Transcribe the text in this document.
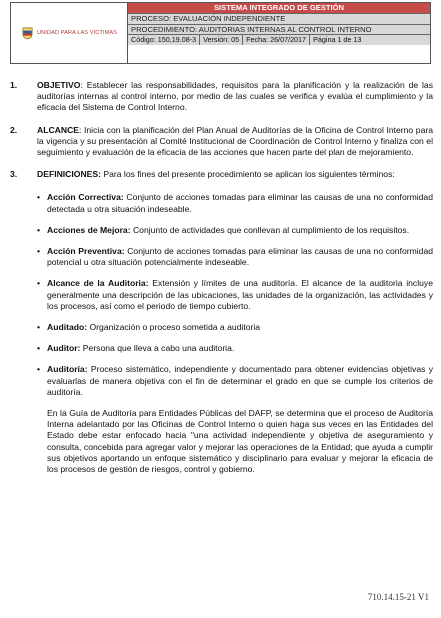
UNIDAD PARA LAS VÍCTIMAS
SISTEMA INTEGRADO DE GESTIÓN
PROCESO: EVALUACIÓN INDEPENDIENTE
PROCEDIMIENTO: AUDITORIAS INTERNAS AL CONTROL INTERNO
Código: 150,19.08-3 Versión: 05 Fecha: 26/07/2017 Página 1 de 13
1.	OBJETIVO: Establecer las responsabilidades, requisitos para la planificación y la realización de las auditorías internas al control interno, por medio de las cuales se verifica y evalúa el cumplimiento y la eficacia del Sistema de Control Interno.
2.	ALCANCE: Inicia con la planificación del Plan Anual de Auditorías de la Oficina de Control Interno para la vigencia y su presentación al Comité Institucional de Coordinación de Control Interno y finaliza con el seguimiento y evaluación de la eficacia de las acciones que hacen parte del plan de mejoramiento.
3.	DEFINICIONES: Para los fines del presente procedimiento se aplican los siguientes términos:
• Acción Correctiva: Conjunto de acciones tomadas para eliminar las causas de una no conformidad detectada u otra situación indeseable.
• Acciones de Mejora: Conjunto de actividades que conllevan al cumplimiento de los requisitos.
• Acción Preventiva: Conjunto de acciones tomadas para eliminar las causas de una no conformidad potencial u otra situación potencialmente indeseable.
• Alcance de la Auditoria: Extensión y límites de una auditoría. El alcance de la auditoria incluye generalmente una descripción de las ubicaciones, las unidades de la organización, las actividades y los procesos, así como el periodo de tiempo cubierto.
• Auditado: Organización o proceso sometida a auditoria
• Auditor: Persona que lleva a cabo una auditoria.
• Auditoría: Proceso sistemático, independiente y documentado para obtener evidencias objetivas y evaluarlas de manera objetiva con el fin de determinar el grado en que se cumple los criterios de auditoría.
En la Guía de Auditoría para Entidades Públicas del DAFP, se determina que el proceso de Auditoría Interna adelantado por las Oficinas de Control Interno o quien haga sus veces en las Entidades del Estado debe estar enfocado hacia "una actividad independiente y objetiva de aseguramiento y consulta, concebida para agregar valor y mejorar las operaciones de la Entidad; que ayuda a cumplir sus objetivos aportando un enfoque sistemático y disciplinario para evaluar y mejorar la eficacia de los procesos de gestión de riesgos, control y gobierno.
710.14.15-21 V1
